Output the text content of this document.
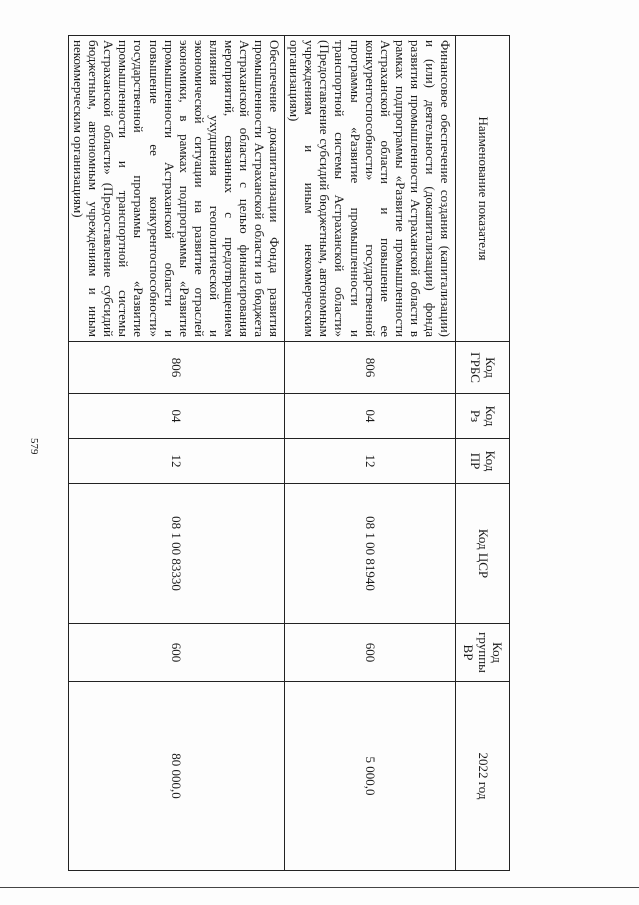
579
Наименование показателя	Код ГРБС	Код Рз	Код ПР	Код ЦСР	Код группы ВР	2022 год
Финансовое обеспечение создания (капитализации) и (или) деятельности (докапитализации) фонда развития промышленности Астраханской области в рамках подпрограммы «Развитие промышленности Астраханской области и повышение ее конкурентоспособности» государственной программы «Развитие промышленности и транспортной системы Астраханской области» (Предоставление субсидий бюджетным, автономным учреждениям и иным некоммерческим организациям)	806	04	12	08 1 00 81940	600	5 000,0
Обеспечение докапитализации Фонда развития промышленности Астраханской области из бюджета Астраханской области с целью финансирования мероприятий, связанных с предотвращением влияния ухудшения геополитической и экономической ситуации на развитие отраслей экономики, в рамках подпрограммы «Развитие промышленности Астраханской области и повышение ее конкурентоспособности» государственной программы «Развитие промышленности и транспортной системы Астраханской области» (Предоставление субсидий бюджетным, автономным учреждениям и иным некоммерческим организациям)	806	04	12	08 1 00 83330	600	80 000,0
